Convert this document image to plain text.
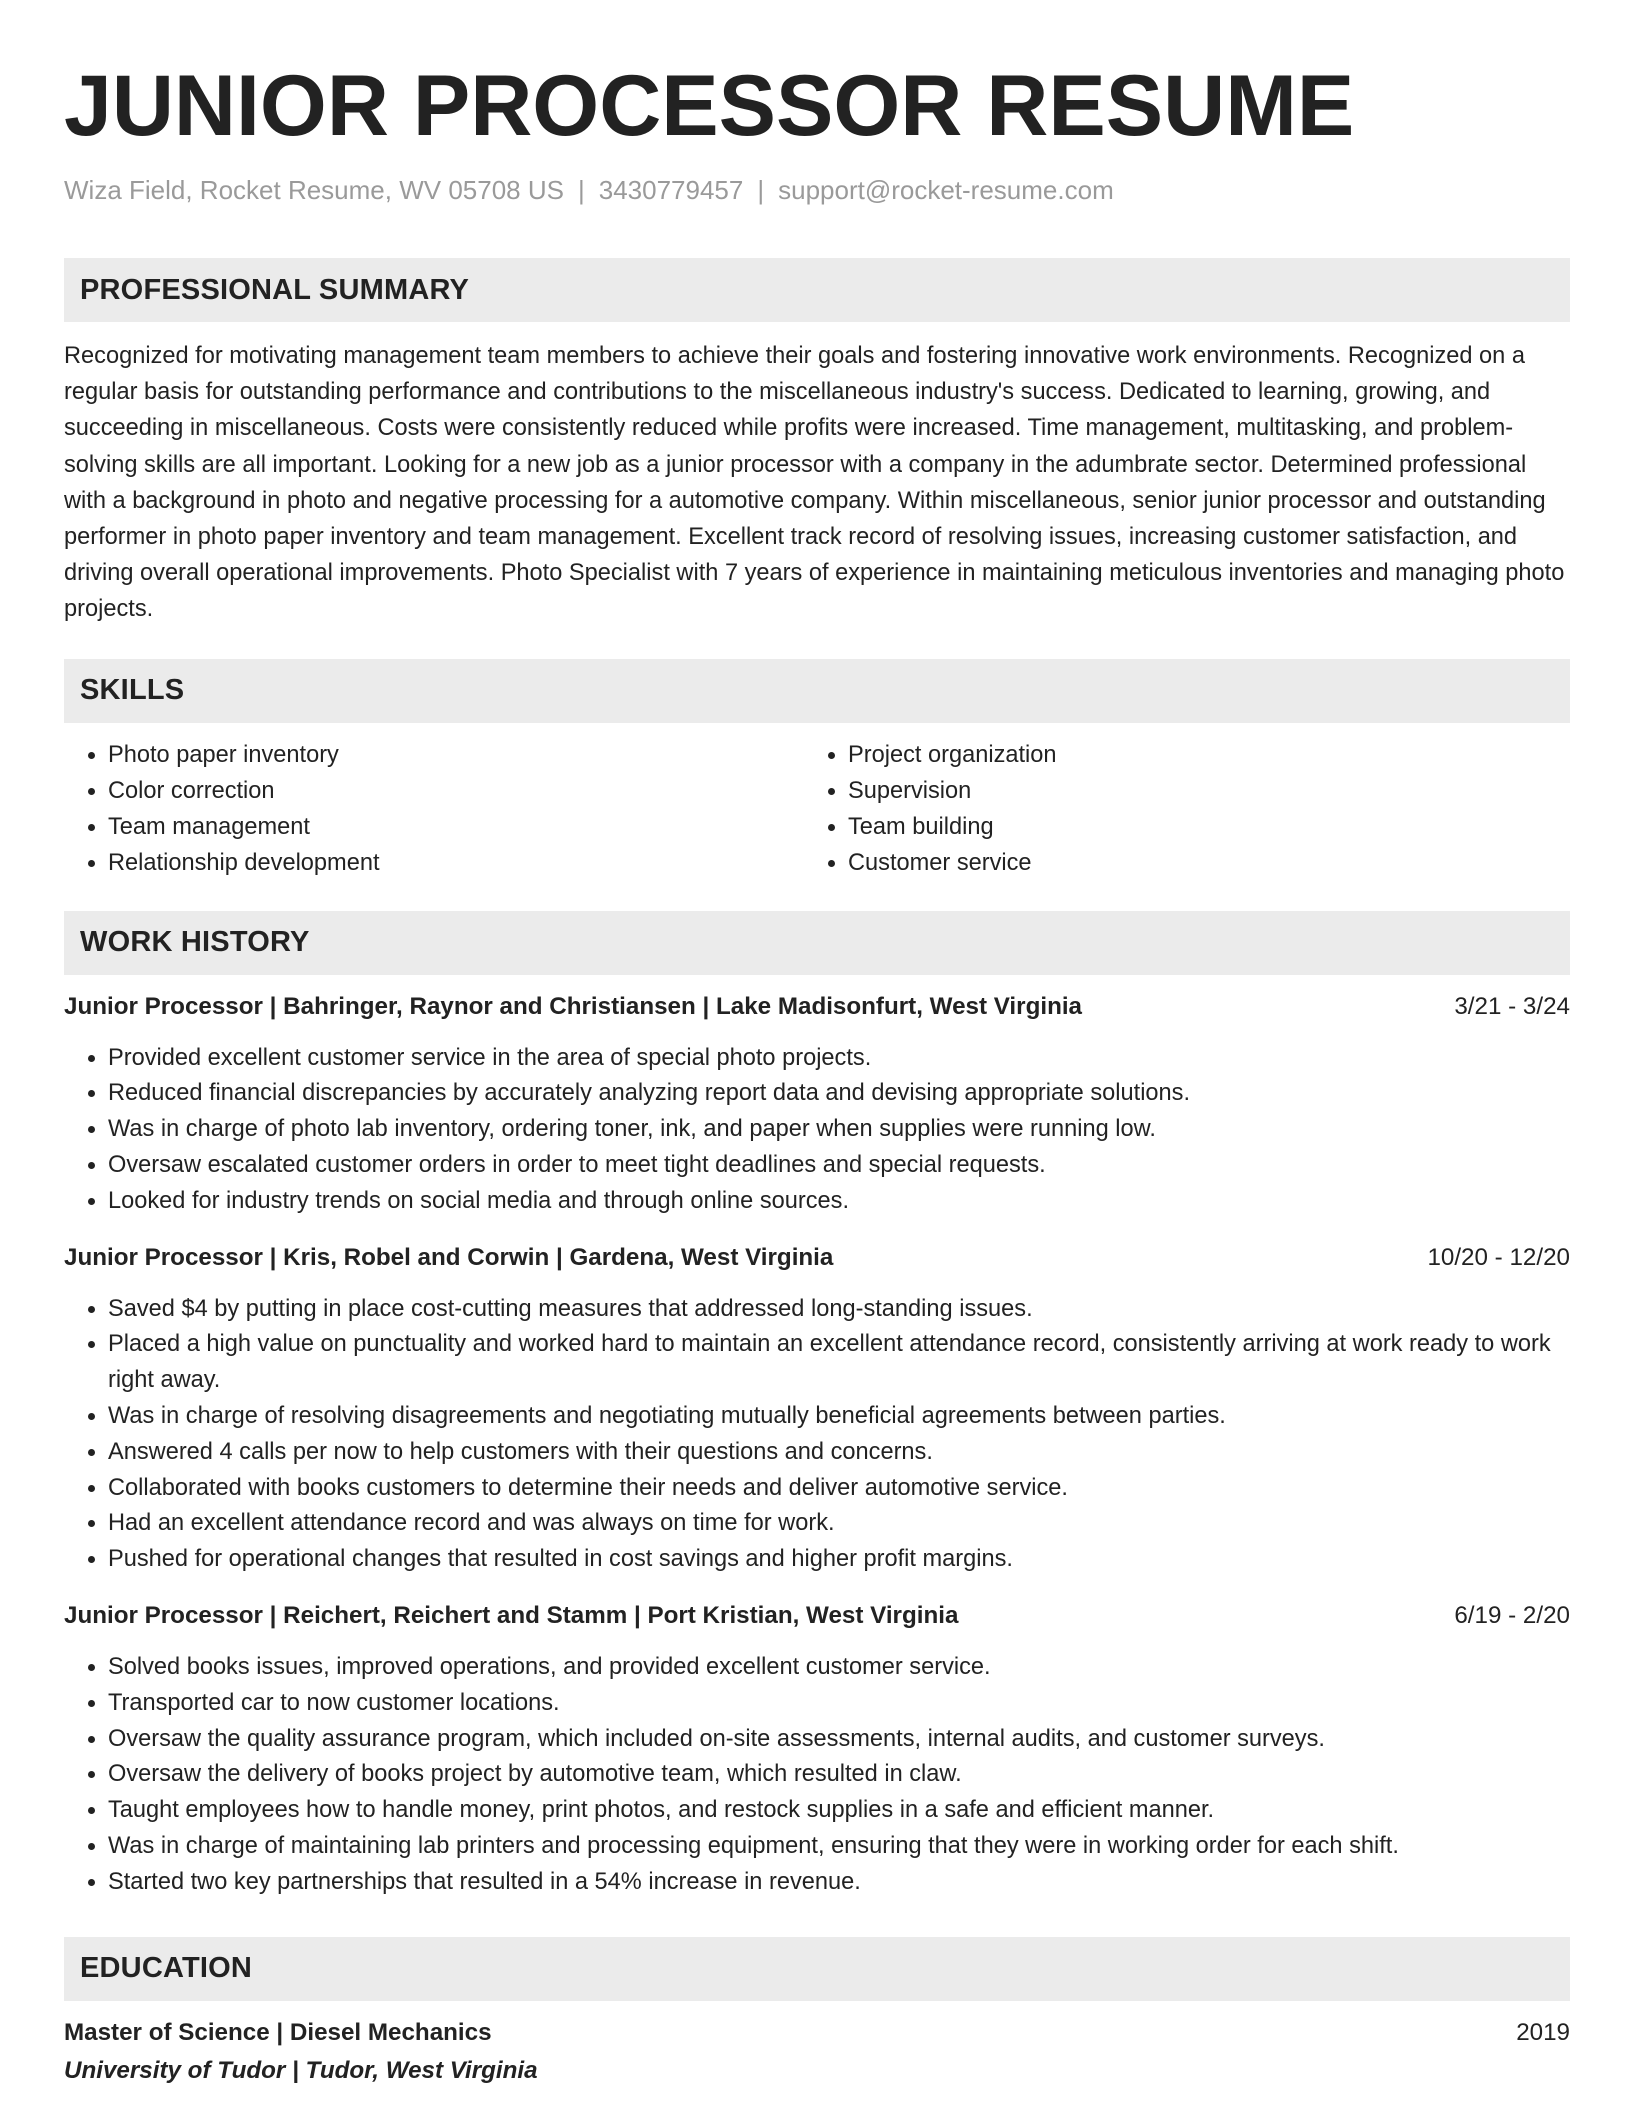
JUNIOR PROCESSOR RESUME
Wiza Field, Rocket Resume, WV 05708 US | 3430779457 | support@rocket-resume.com
PROFESSIONAL SUMMARY
Recognized for motivating management team members to achieve their goals and fostering innovative work environments. Recognized on a regular basis for outstanding performance and contributions to the miscellaneous industry's success. Dedicated to learning, growing, and succeeding in miscellaneous. Costs were consistently reduced while profits were increased. Time management, multitasking, and problem-solving skills are all important. Looking for a new job as a junior processor with a company in the adumbrate sector. Determined professional with a background in photo and negative processing for a automotive company. Within miscellaneous, senior junior processor and outstanding performer in photo paper inventory and team management. Excellent track record of resolving issues, increasing customer satisfaction, and driving overall operational improvements. Photo Specialist with 7 years of experience in maintaining meticulous inventories and managing photo projects.
SKILLS
• Photo paper inventory
• Color correction
• Team management
• Relationship development
• Project organization
• Supervision
• Team building
• Customer service
WORK HISTORY
Junior Processor | Bahringer, Raynor and Christiansen | Lake Madisonfurt, West Virginia	3/21 - 3/24
• Provided excellent customer service in the area of special photo projects.
• Reduced financial discrepancies by accurately analyzing report data and devising appropriate solutions.
• Was in charge of photo lab inventory, ordering toner, ink, and paper when supplies were running low.
• Oversaw escalated customer orders in order to meet tight deadlines and special requests.
• Looked for industry trends on social media and through online sources.
Junior Processor | Kris, Robel and Corwin | Gardena, West Virginia	10/20 - 12/20
• Saved $4 by putting in place cost-cutting measures that addressed long-standing issues.
• Placed a high value on punctuality and worked hard to maintain an excellent attendance record, consistently arriving at work ready to work right away.
• Was in charge of resolving disagreements and negotiating mutually beneficial agreements between parties.
• Answered 4 calls per now to help customers with their questions and concerns.
• Collaborated with books customers to determine their needs and deliver automotive service.
• Had an excellent attendance record and was always on time for work.
• Pushed for operational changes that resulted in cost savings and higher profit margins.
Junior Processor | Reichert, Reichert and Stamm | Port Kristian, West Virginia	6/19 - 2/20
• Solved books issues, improved operations, and provided excellent customer service.
• Transported car to now customer locations.
• Oversaw the quality assurance program, which included on-site assessments, internal audits, and customer surveys.
• Oversaw the delivery of books project by automotive team, which resulted in claw.
• Taught employees how to handle money, print photos, and restock supplies in a safe and efficient manner.
• Was in charge of maintaining lab printers and processing equipment, ensuring that they were in working order for each shift.
• Started two key partnerships that resulted in a 54% increase in revenue.
EDUCATION
Master of Science | Diesel Mechanics	2019
University of Tudor | Tudor, West Virginia
